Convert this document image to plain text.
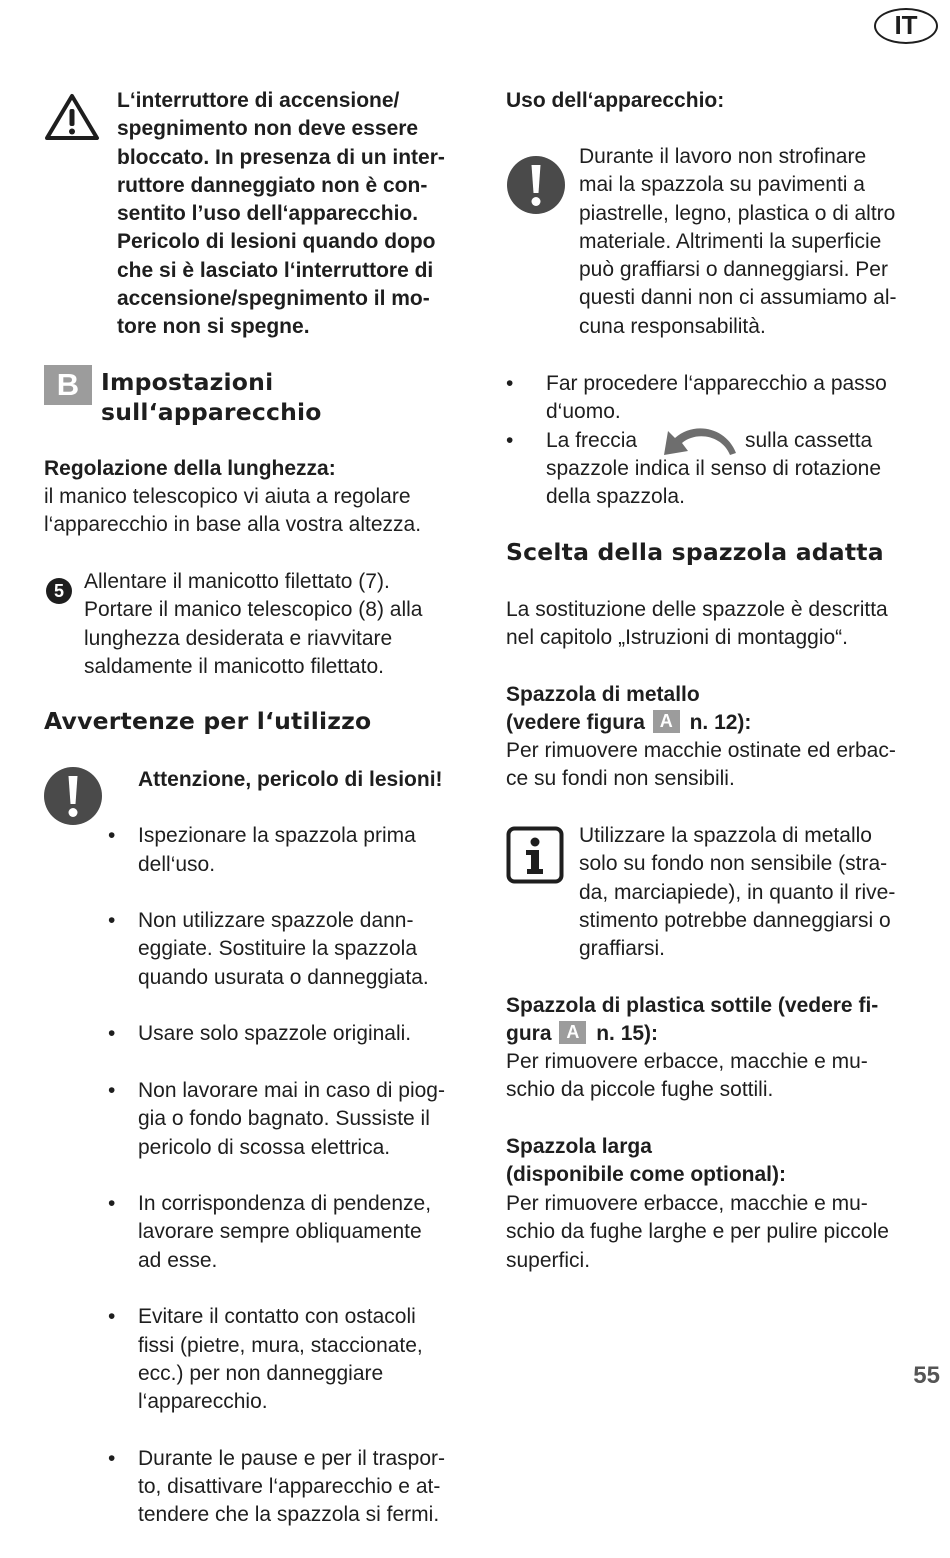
IT
L‘interruttore di accensione/
spegnimento non deve essere
bloccato. In presenza di un inter-
ruttore danneggiato non è con-
sentito l’uso dell‘apparecchio.
Pericolo di lesioni quando dopo
che si è lasciato l‘interruttore di
accensione/spegnimento il mo-
tore non si spegne.
B Impostazioni
sull‘apparecchio
Regolazione della lunghezza:
il manico telescopico vi aiuta a regolare
l‘apparecchio in base alla vostra altezza.
5 Allentare il manicotto filettato (7).
Portare il manico telescopico (8) alla
lunghezza desiderata e riavvitare
saldamente il manicotto filettato.
Avvertenze per l‘utilizzo
Attenzione, pericolo di lesioni!

• Ispezionare la spazzola prima
dell‘uso.

• Non utilizzare spazzole dann-
eggiate. Sostituire la spazzola
quando usurata o danneggiata.

• Usare solo spazzole originali.

• Non lavorare mai in caso di piog-
gia o fondo bagnato. Sussiste il
pericolo di scossa elettrica.

• In corrispondenza di pendenze,
lavorare sempre obliquamente
ad esse.

• Evitare il contatto con ostacoli
fissi (pietre, mura, staccionate,
ecc.) per non danneggiare
l‘apparecchio.

• Durante le pause e per il traspor-
to, disattivare l‘apparecchio e at-
tendere che la spazzola si fermi.

Uso dell‘apparecchio:
Durante il lavoro non strofinare
mai la spazzola su pavimenti a
piastrelle, legno, plastica o di altro
materiale. Altrimenti la superficie
può graffiarsi o danneggiarsi. Per
questi danni non ci assumiamo al-
cuna responsabilità.
• Far procedere l‘apparecchio a passo
d‘uomo.
• La freccia	sulla cassetta
spazzole indica il senso di rotazione
della spazzola.
Scelta della spazzola adatta
La sostituzione delle spazzole è descritta
nel capitolo „Istruzioni di montaggio“.
Spazzola di metallo
(vedere figura A n. 12):
Per rimuovere macchie ostinate ed erbac-
ce su fondi non sensibili.
Utilizzare la spazzola di metallo
solo su fondo non sensibile (stra-
da, marciapiede), in quanto il rive-
stimento potrebbe danneggiarsi o
graffiarsi.
Spazzola di plastica sottile (vedere fi-
gura A n. 15):
Per rimuovere erbacce, macchie e mu-
schio da piccole fughe sottili.
Spazzola larga
(disponibile come optional):
Per rimuovere erbacce, macchie e mu-
schio da fughe larghe e per pulire piccole
superfici.
55
